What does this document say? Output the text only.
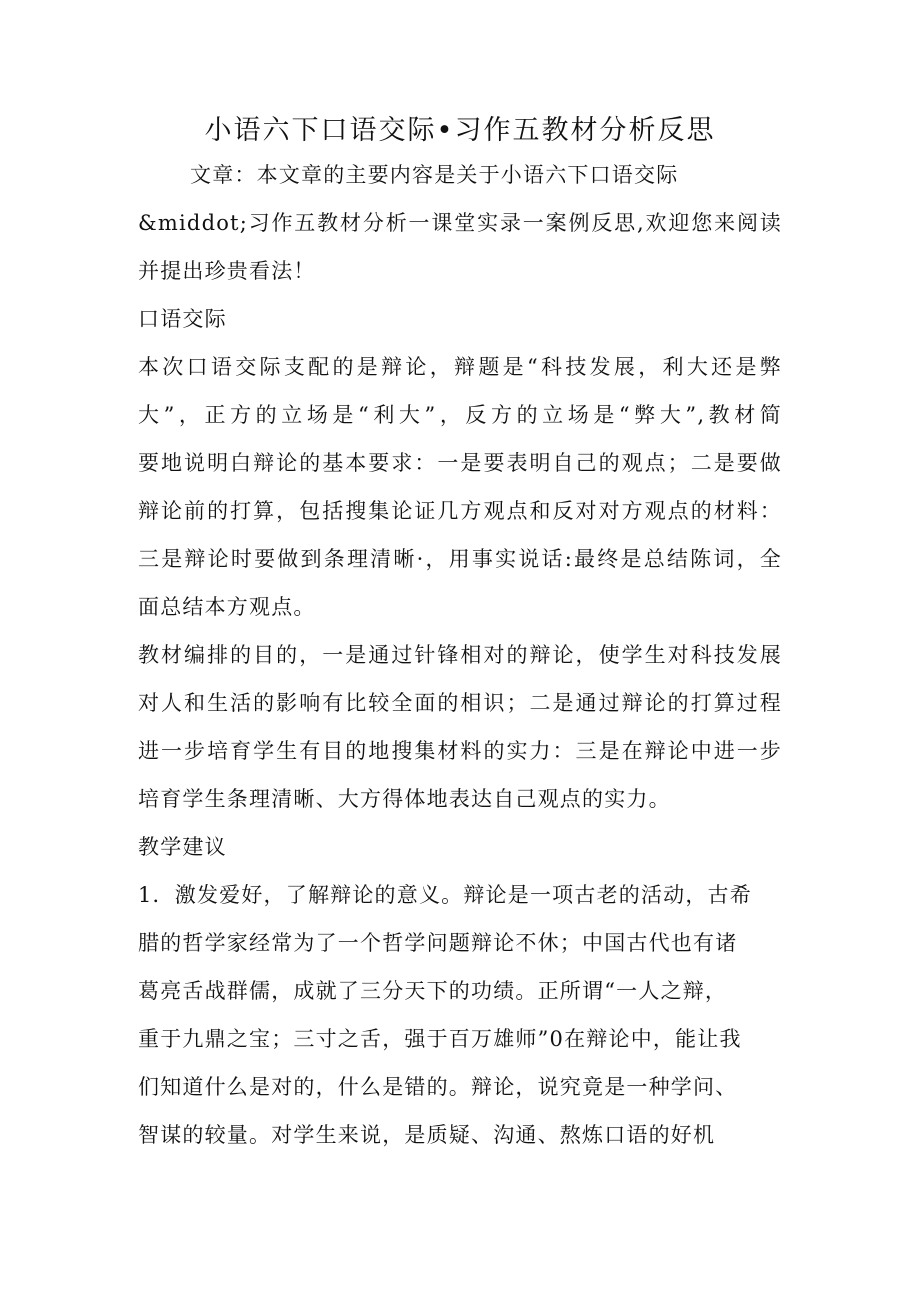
小语六下口语交际•习作五教材分析反思

文章：本文章的主要内容是关于小语六下口语交际

&middot;习作五教材分析一课堂实录一案例反思,欢迎您来阅读

并提出珍贵看法！

口语交际

本次口语交际支配的是辩论，辩题是“科技发展，利大还是弊

大”，正方的立场是“利大”，反方的立场是“弊大”,教材简

要地说明白辩论的基本要求：一是要表明自己的观点；二是要做

辩论前的打算，包括搜集论证几方观点和反对对方观点的材料：

三是辩论时要做到条理清晰·，用事实说话:最终是总结陈词，全

面总结本方观点。

教材编排的目的，一是通过针锋相对的辩论，使学生对科技发展

对人和生活的影响有比较全面的相识；二是通过辩论的打算过程

进一步培育学生有目的地搜集材料的实力：三是在辩论中进一步

培育学生条理清晰、大方得体地表达自己观点的实力。

教学建议

1．激发爱好，了解辩论的意义。辩论是一项古老的活动，古希

腊的哲学家经常为了一个哲学问题辩论不休；中国古代也有诸

葛亮舌战群儒，成就了三分天下的功绩。正所谓“一人之辩，

重于九鼎之宝；三寸之舌，强于百万雄师”0在辩论中，能让我

们知道什么是对的，什么是错的。辩论，说究竟是一种学问、

智谋的较量。对学生来说，是质疑、沟通、熬炼口语的好机
